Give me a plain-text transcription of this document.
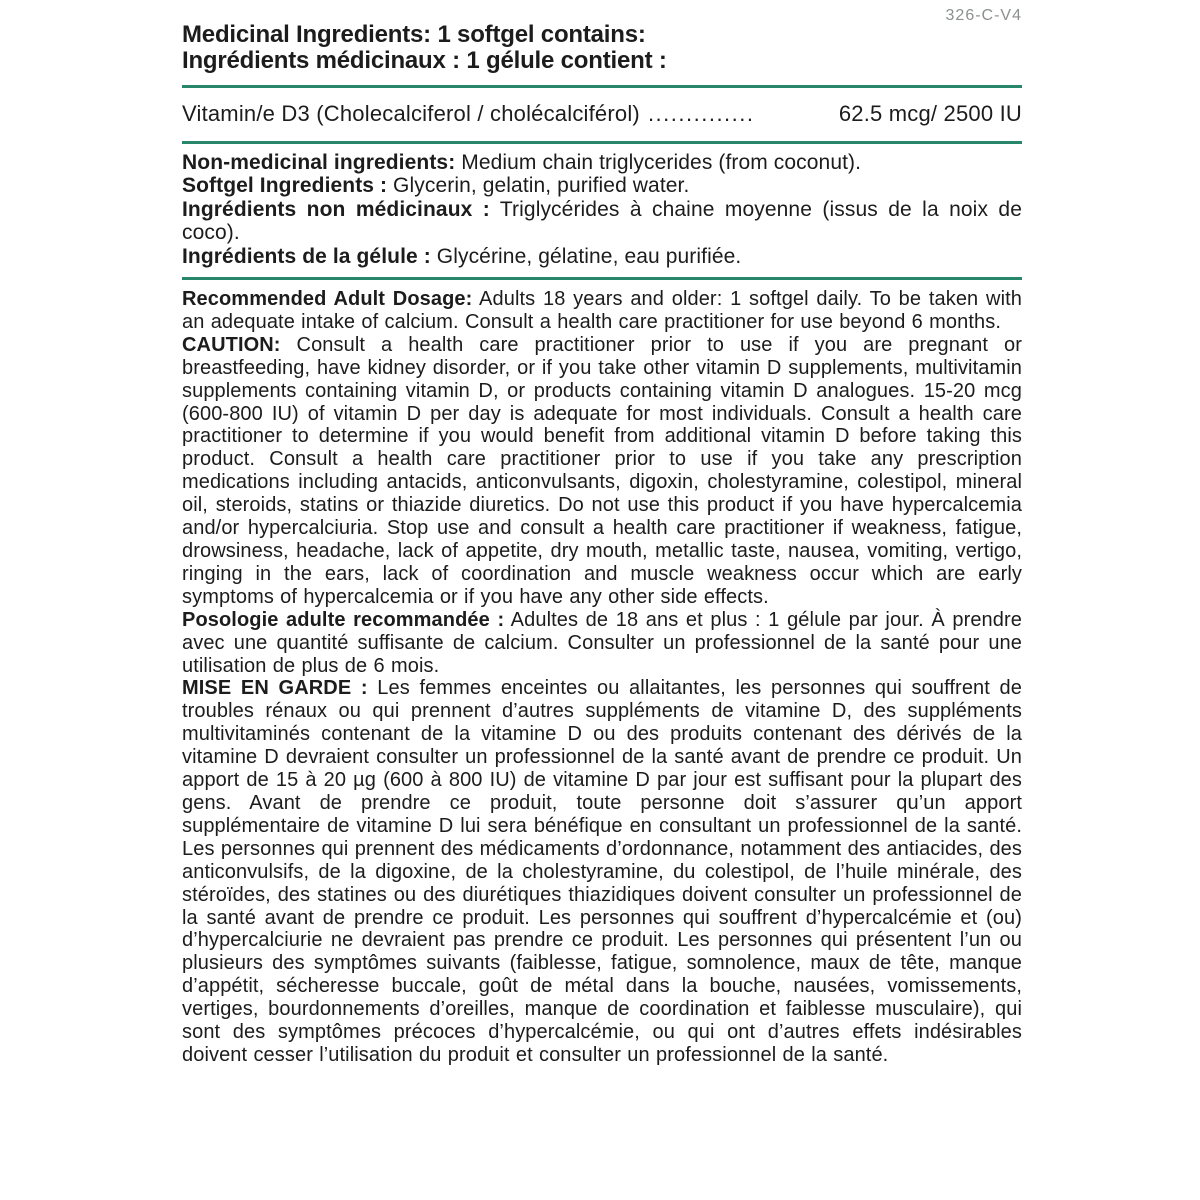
326-C-V4
Medicinal Ingredients: 1 softgel contains:
Ingrédients médicinaux : 1 gélule contient :
Vitamin/e D3 (Cholecalciferol / cholécalciférol) ..............	62.5 mcg/ 2500 IU

Non-medicinal ingredients: Medium chain triglycerides (from coconut).

Softgel Ingredients : Glycerin, gelatin, purified water.

Ingrédients non médicinaux : Triglycérides à chaine moyenne (issus de la noix de coco).

Ingrédients de la gélule : Glycérine, gélatine, eau purifiée.

Recommended Adult Dosage: Adults 18 years and older: 1 softgel daily. To be taken with an adequate intake of calcium. Consult a health care practitioner for use beyond 6 months.

CAUTION: Consult a health care practitioner prior to use if you are pregnant or breastfeeding, have kidney disorder, or if you take other vitamin D supplements, multivitamin supplements containing vitamin D, or products containing vitamin D analogues. 15-20 mcg (600-800 IU) of vitamin D per day is adequate for most individuals. Consult a health care practitioner to determine if you would benefit from additional vitamin D before taking this product. Consult a health care practitioner prior to use if you take any prescription medications including antacids, anticonvulsants, digoxin, cholestyramine, colestipol, mineral oil, steroids, statins or thiazide diuretics. Do not use this product if you have hypercalcemia and/or hypercalciuria. Stop use and consult a health care practitioner if weakness, fatigue, drowsiness, headache, lack of appetite, dry mouth, metallic taste, nausea, vomiting, vertigo, ringing in the ears, lack of coordination and muscle weakness occur which are early symptoms of hypercalcemia or if you have any other side effects.

Posologie adulte recommandée : Adultes de 18 ans et plus : 1 gélule par jour. À prendre avec une quantité suffisante de calcium. Consulter un professionnel de la santé pour une utilisation de plus de 6 mois.

MISE EN GARDE : Les femmes enceintes ou allaitantes, les personnes qui souffrent de troubles rénaux ou qui prennent d’autres suppléments de vitamine D, des suppléments multivitaminés contenant de la vitamine D ou des produits contenant des dérivés de la vitamine D devraient consulter un professionnel de la santé avant de prendre ce produit. Un apport de 15 à 20 µg (600 à 800 IU) de vitamine D par jour est suffisant pour la plupart des gens. Avant de prendre ce produit, toute personne doit s’assurer qu’un apport supplémentaire de vitamine D lui sera bénéfique en consultant un professionnel de la santé. Les personnes qui prennent des médicaments d’ordonnance, notamment des antiacides, des anticonvulsifs, de la digoxine, de la cholestyramine, du colestipol, de l’huile minérale, des stéroïdes, des statines ou des diurétiques thiazidiques doivent consulter un professionnel de la santé avant de prendre ce produit. Les personnes qui souffrent d’hypercalcémie et (ou) d’hypercalciurie ne devraient pas prendre ce produit. Les personnes qui présentent l’un ou plusieurs des symptômes suivants (faiblesse, fatigue, somnolence, maux de tête, manque d’appétit, sécheresse buccale, goût de métal dans la bouche, nausées, vomissements, vertiges, bourdonnements d’oreilles, manque de coordination et faiblesse musculaire), qui sont des symptômes précoces d’hypercalcémie, ou qui ont d’autres effets indésirables doivent cesser l’utilisation du produit et consulter un professionnel de la santé.
